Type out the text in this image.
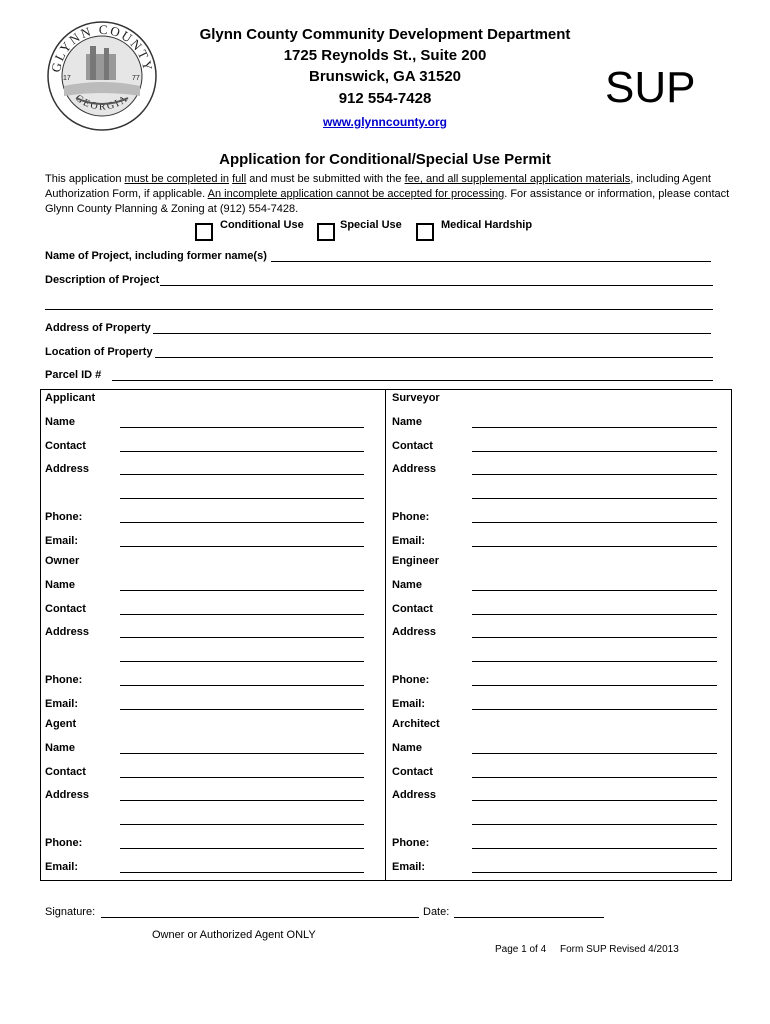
GLYNN COUNTY
GEORGIA
17	77
Glynn County Community Development Department
1725 Reynolds St., Suite 200
Brunswick, GA 31520
912 554-7428
www.glynncounty.org
SUP
Application for Conditional/Special Use Permit
This application must be completed in full and must be submitted with the fee, and all supplemental application materials, including Agent Authorization Form, if applicable. An incomplete application cannot be accepted for processing. For assistance or information, please contact Glynn County Planning & Zoning at (912) 554-7428.
Conditional Use	Special Use	Medical Hardship
Name of Project, including former name(s)
Description of Project
Address of Property
Location of Property
Parcel ID #
Applicant
Name
Contact
Address
Phone:
Email:
Surveyor
Name
Contact
Address
Phone:
Email:
Owner
Name
Contact
Address
Phone:
Email:
Engineer
Name
Contact
Address
Phone:
Email:
Agent
Name
Contact
Address
Phone:
Email:
Architect
Name
Contact
Address
Phone:
Email:
Signature:	Date:
Owner or Authorized Agent ONLY
Page 1 of 4 Form SUP Revised 4/2013
